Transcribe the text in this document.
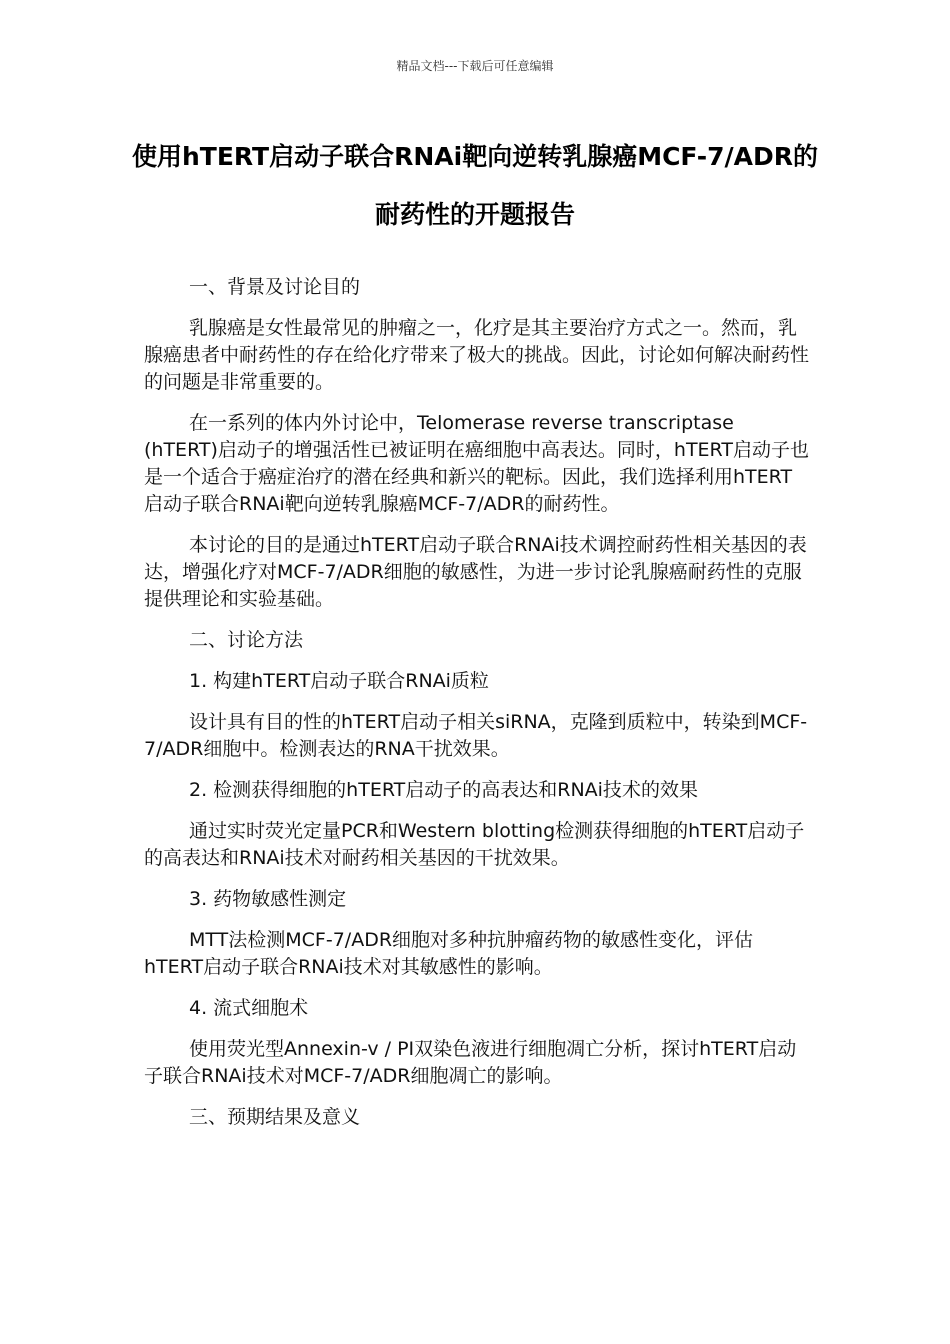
精品文档---下载后可任意编辑
使用hTERT启动子联合RNAi靶向逆转乳腺癌MCF-7/ADR的耐药性的开题报告

一、背景及讨论目的

乳腺癌是女性最常见的肿瘤之一，化疗是其主要治疗方式之一。然而，乳腺癌患者中耐药性的存在给化疗带来了极大的挑战。因此，讨论如何解决耐药性的问题是非常重要的。

在一系列的体内外讨论中，Telomerase reverse transcriptase (hTERT)启动子的增强活性已被证明在癌细胞中高表达。同时，hTERT启动子也是一个适合于癌症治疗的潜在经典和新兴的靶标。因此，我们选择利用hTERT启动子联合RNAi靶向逆转乳腺癌MCF-7/ADR的耐药性。

本讨论的目的是通过hTERT启动子联合RNAi技术调控耐药性相关基因的表达，增强化疗对MCF-7/ADR细胞的敏感性，为进一步讨论乳腺癌耐药性的克服提供理论和实验基础。

二、讨论方法

1. 构建hTERT启动子联合RNAi质粒

设计具有目的性的hTERT启动子相关siRNA，克隆到质粒中，转染到MCF-7/ADR细胞中。检测表达的RNA干扰效果。

2. 检测获得细胞的hTERT启动子的高表达和RNAi技术的效果

通过实时荧光定量PCR和Western blotting检测获得细胞的hTERT启动子的高表达和RNAi技术对耐药相关基因的干扰效果。

3. 药物敏感性测定

MTT法检测MCF-7/ADR细胞对多种抗肿瘤药物的敏感性变化，评估hTERT启动子联合RNAi技术对其敏感性的影响。

4. 流式细胞术

使用荧光型Annexin-v / PI双染色液进行细胞凋亡分析，探讨hTERT启动子联合RNAi技术对MCF-7/ADR细胞凋亡的影响。

三、预期结果及意义
